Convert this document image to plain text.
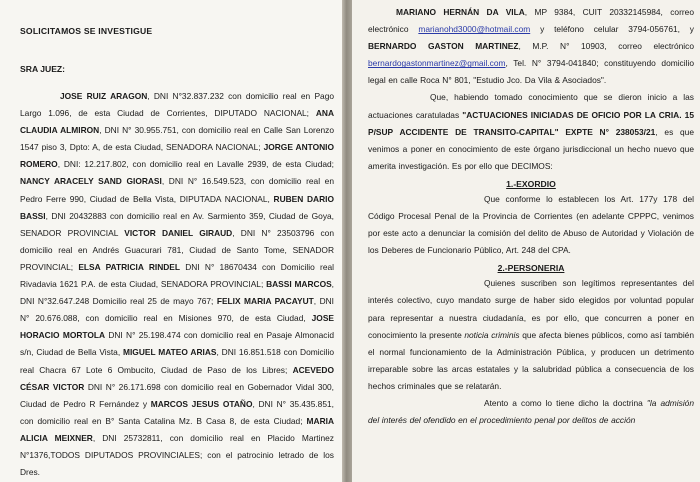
SOLICITAMOS SE INVESTIGUE
SRA JUEZ:
JOSE RUIZ ARAGON, DNI N°32.837.232 con domicilio real en Pago Largo 1.096, de esta Ciudad de Corrientes, DIPUTADO NACIONAL; ANA CLAUDIA ALMIRON, DNI N° 30.955.751, con domicilio real en Calle San Lorenzo 1547 piso 3, Dpto: A, de esta Ciudad, SENADORA NACIONAL; JORGE ANTONIO ROMERO, DNI: 12.217.802, con domicilio real en Lavalle 2939, de esta Ciudad; NANCY ARACELY SAND GIORASI, DNI N° 16.549.523, con domicilio real en Pedro Ferre 990, Ciudad de Bella Vista, DIPUTADA NACIONAL, RUBEN DARIO BASSI, DNI 20432883 con domicilio real en Av. Sarmiento 359, Ciudad de Goya, SENADOR PROVINCIAL VICTOR DANIEL GIRAUD, DNI N° 23503796 con domicilio real en Andrés Guacurari 781, Ciudad de Santo Tome, SENADOR PROVINCIAL; ELSA PATRICIA RINDEL DNI N° 18670434 con Domicilio real Rivadavia 1621 P.A. de esta Ciudad, SENADORA PROVINCIAL; BASSI MARCOS, DNI N°32.647.248 Domicilio real 25 de mayo 767; FELIX MARIA PACAYUT, DNI N° 20.676.088, con domicilio real en Misiones 970, de esta Ciudad, JOSE HORACIO MORTOLA DNI N° 25.198.474 con domicilio real en Pasaje Almonacid s/n, Ciudad de Bella Vista, MIGUEL MATEO ARIAS, DNI 16.851.518 con Domicilio real Chacra 67 Lote 6 Ombucito, Ciudad de Paso de los Libres; ACEVEDO CÉSAR VICTOR DNI N° 26.171.698 con domicilio real en Gobernador Vidal 300, Ciudad de Pedro R Fernández y MARCOS JESUS OTAÑO, DNI N° 35.435.851, con domicilio real en B° Santa Catalina Mz. B Casa 8, de esta Ciudad; MARIA ALICIA MEIXNER, DNI 25732811, con domicilio real en Placido Martinez N°1376,TODOS DIPUTADOS PROVINCIALES; con el patrocinio letrado de los Dres.
MARIANO HERNÁN DA VILA, MP 9384, CUIT 20332145984, correo electrónico marianohd3000@hotmail.com y teléfono celular 3794-056761, y BERNARDO GASTON MARTINEZ, M.P. N° 10903, correo electrónico bernardogastonmartinez@gmail.com, Tel. N° 3794-041840; constituyendo domicilio legal en calle Roca N° 801, "Estudio Jco. Da Vila & Asociados".
Que, habiendo tomado conocimiento que se dieron inicio a las actuaciones caratuladas "ACTUACIONES INICIADAS DE OFICIO POR LA CRIA. 15 P/SUP ACCIDENTE DE TRANSITO-CAPITAL" EXPTE N° 238053/21, es que venimos a poner en conocimiento de este órgano jurisdiccional un hecho nuevo que amerita investigación. Es por ello que DECIMOS:
1.-EXORDIO
Que conforme lo establecen los Art. 177y 178 del Código Procesal Penal de la Provincia de Corrientes (en adelante CPPPC, venimos por este acto a denunciar la comisión del delito de Abuso de Autoridad y Violación de los Deberes de Funcionario Público, Art. 248 del CPA.
2.-PERSONERIA
Quienes suscriben son legítimos representantes del interés colectivo, cuyo mandato surge de haber sido elegidos por voluntad popular para representar a nuestra ciudadanía, es por ello, que concurren a poner en conocimiento la presente noticia criminis que afecta bienes públicos, como así también el normal funcionamiento de la Administración Pública, y producen un detrimento irreparable sobre las arcas estatales y la salubridad pública a consecuencia de los hechos criminales que se relatarán.
Atento a como lo tiene dicho la doctrina "la admisión del interés del ofendido en el procedimiento penal por delitos de acción
